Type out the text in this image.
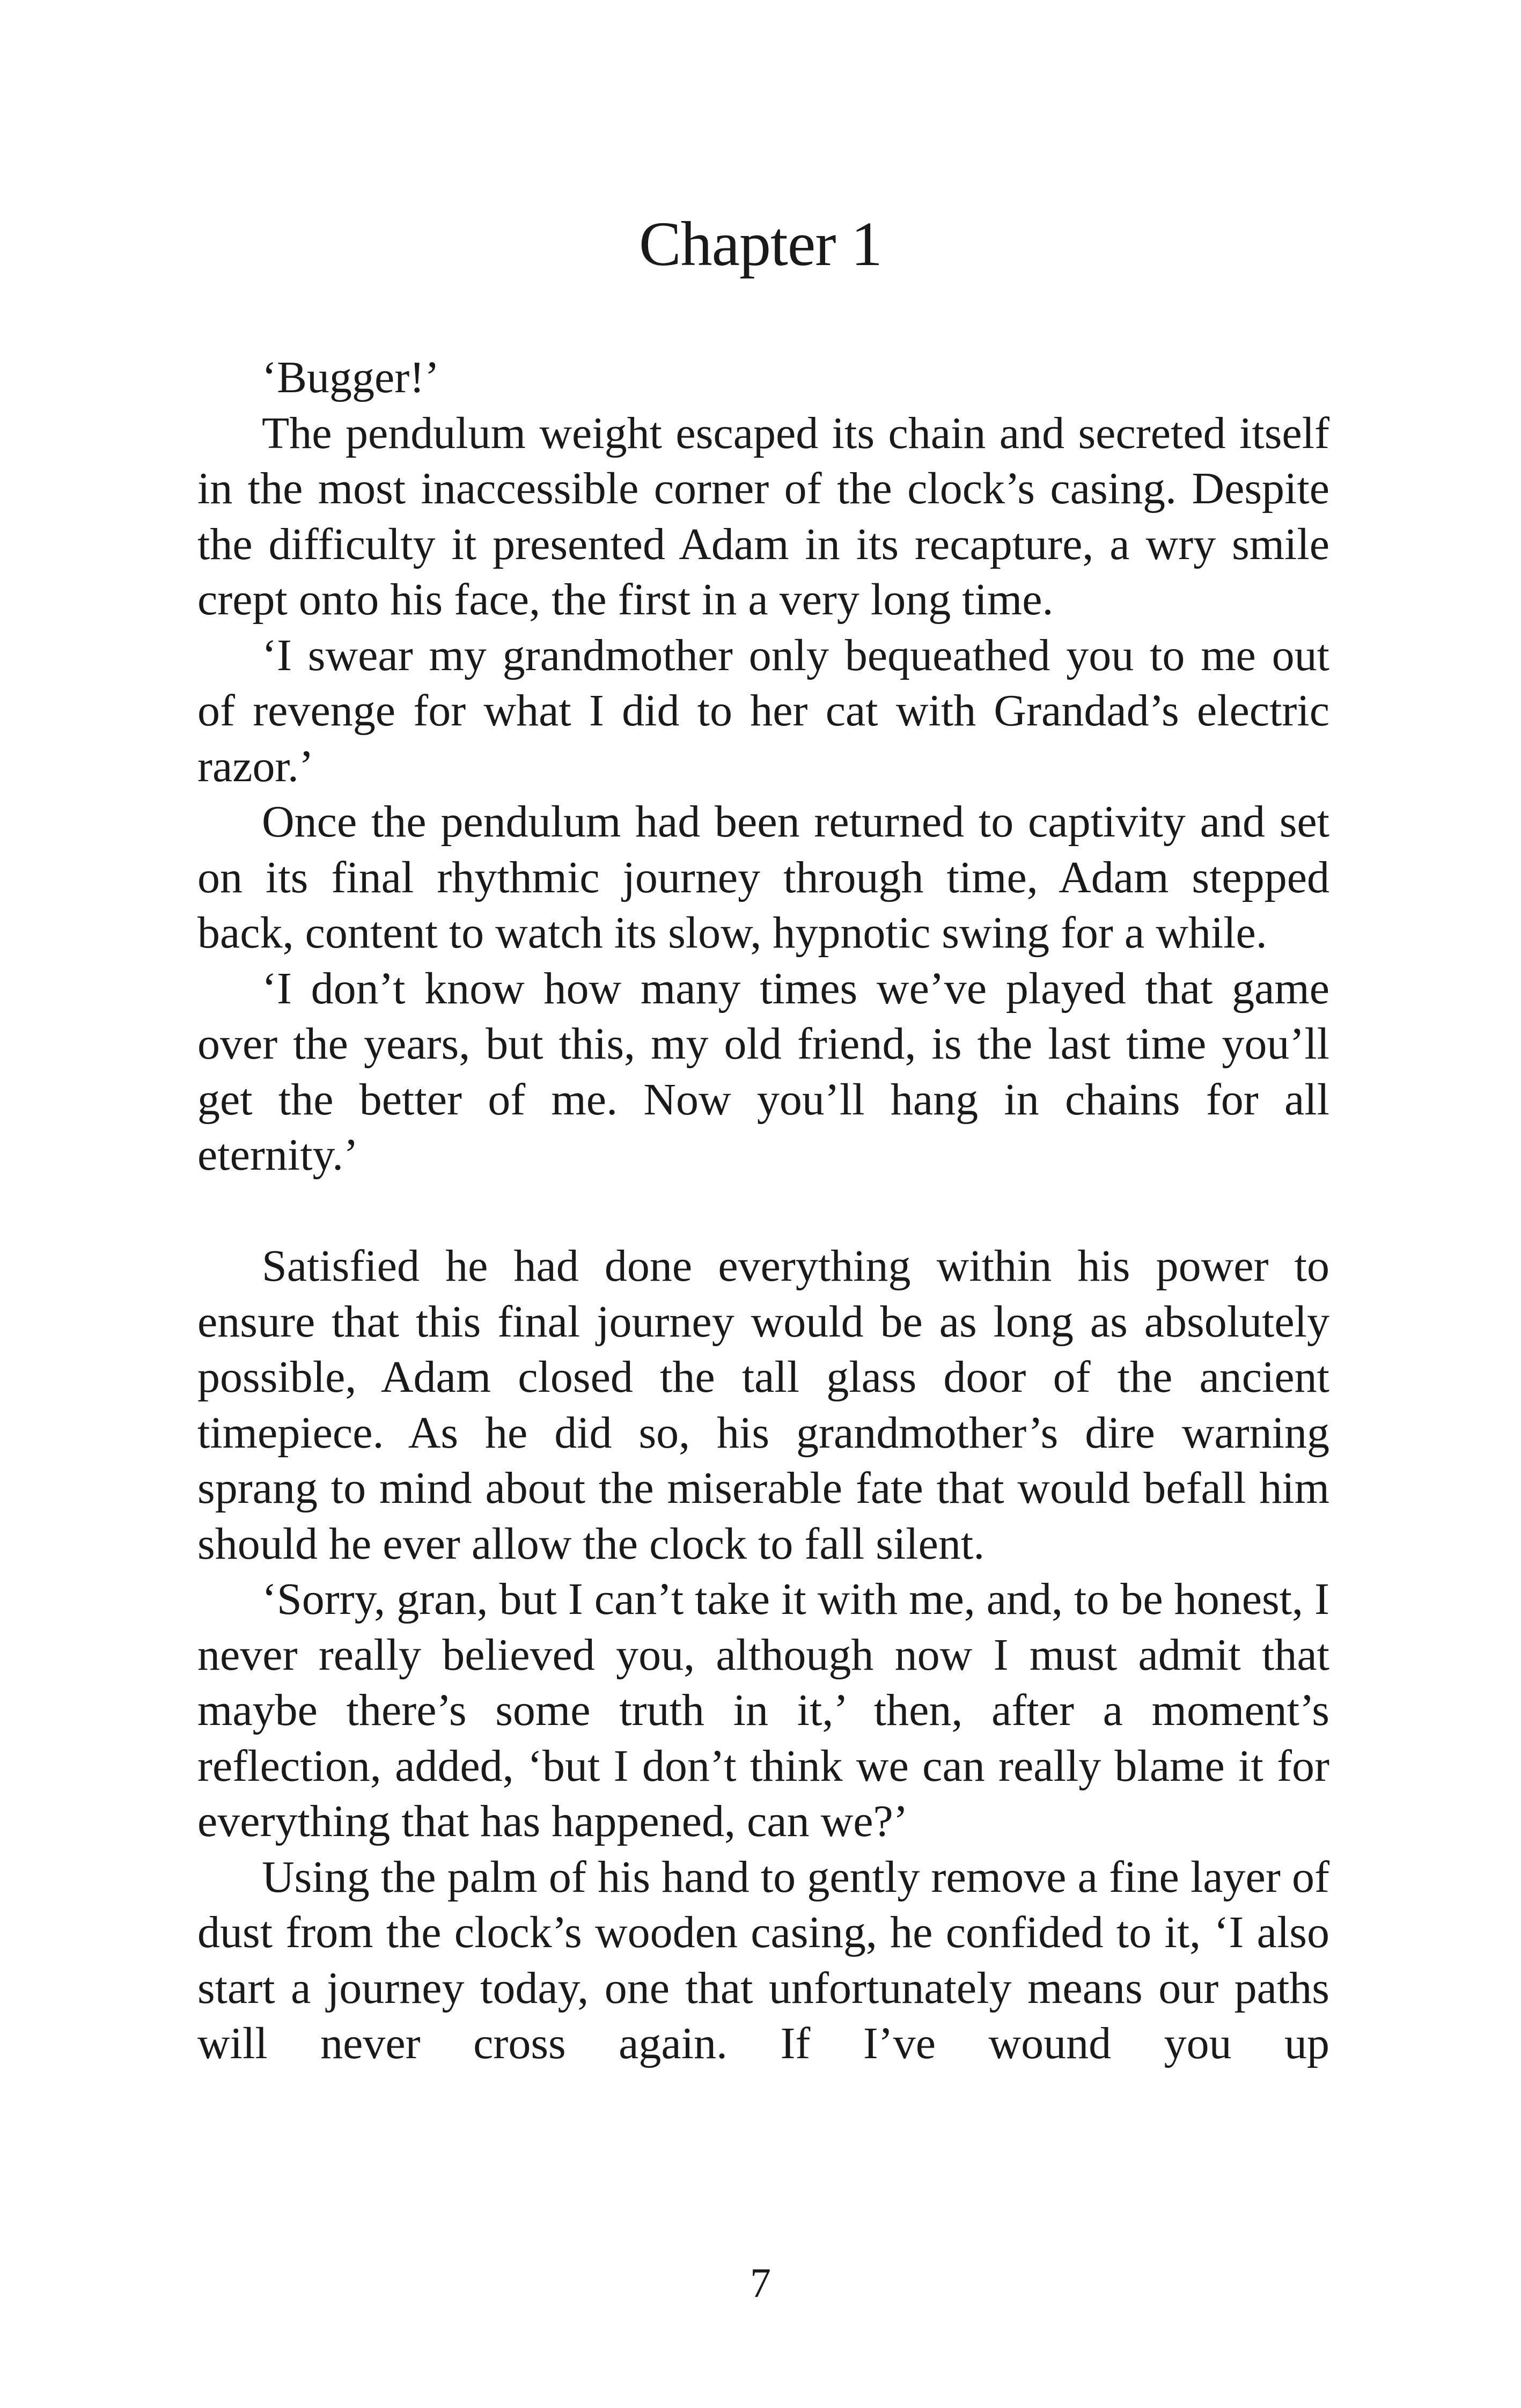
Chapter 1

‘Bugger!’

The pendulum weight escaped its chain and secreted itself in the most inaccessible corner of the clock’s casing. Despite the difficulty it presented Adam in its recapture, a wry smile crept onto his face, the first in a very long time.

‘I swear my grandmother only bequeathed you to me out of revenge for what I did to her cat with Grandad’s electric razor.’

Once the pendulum had been returned to captivity and set on its final rhythmic journey through time, Adam stepped back, content to watch its slow, hypnotic swing for a while.

‘I don’t know how many times we’ve played that game over the years, but this, my old friend, is the last time you’ll get the better of me. Now you’ll hang in chains for all eternity.’

Satisfied he had done everything within his power to ensure that this final journey would be as long as absolutely possible, Adam closed the tall glass door of the ancient timepiece. As he did so, his grandmother’s dire warning sprang to mind about the miserable fate that would befall him should he ever allow the clock to fall silent.

‘Sorry, gran, but I can’t take it with me, and, to be honest, I never really believed you, although now I must admit that maybe there’s some truth in it,’ then, after a moment’s reflection, added, ‘but I don’t think we can really blame it for everything that has happened, can we?’

Using the palm of his hand to gently remove a fine layer of dust from the clock’s wooden casing, he confided to it, ‘I also start a journey today, one that unfortunately means our paths will never cross again. If I’ve wound you up

7
